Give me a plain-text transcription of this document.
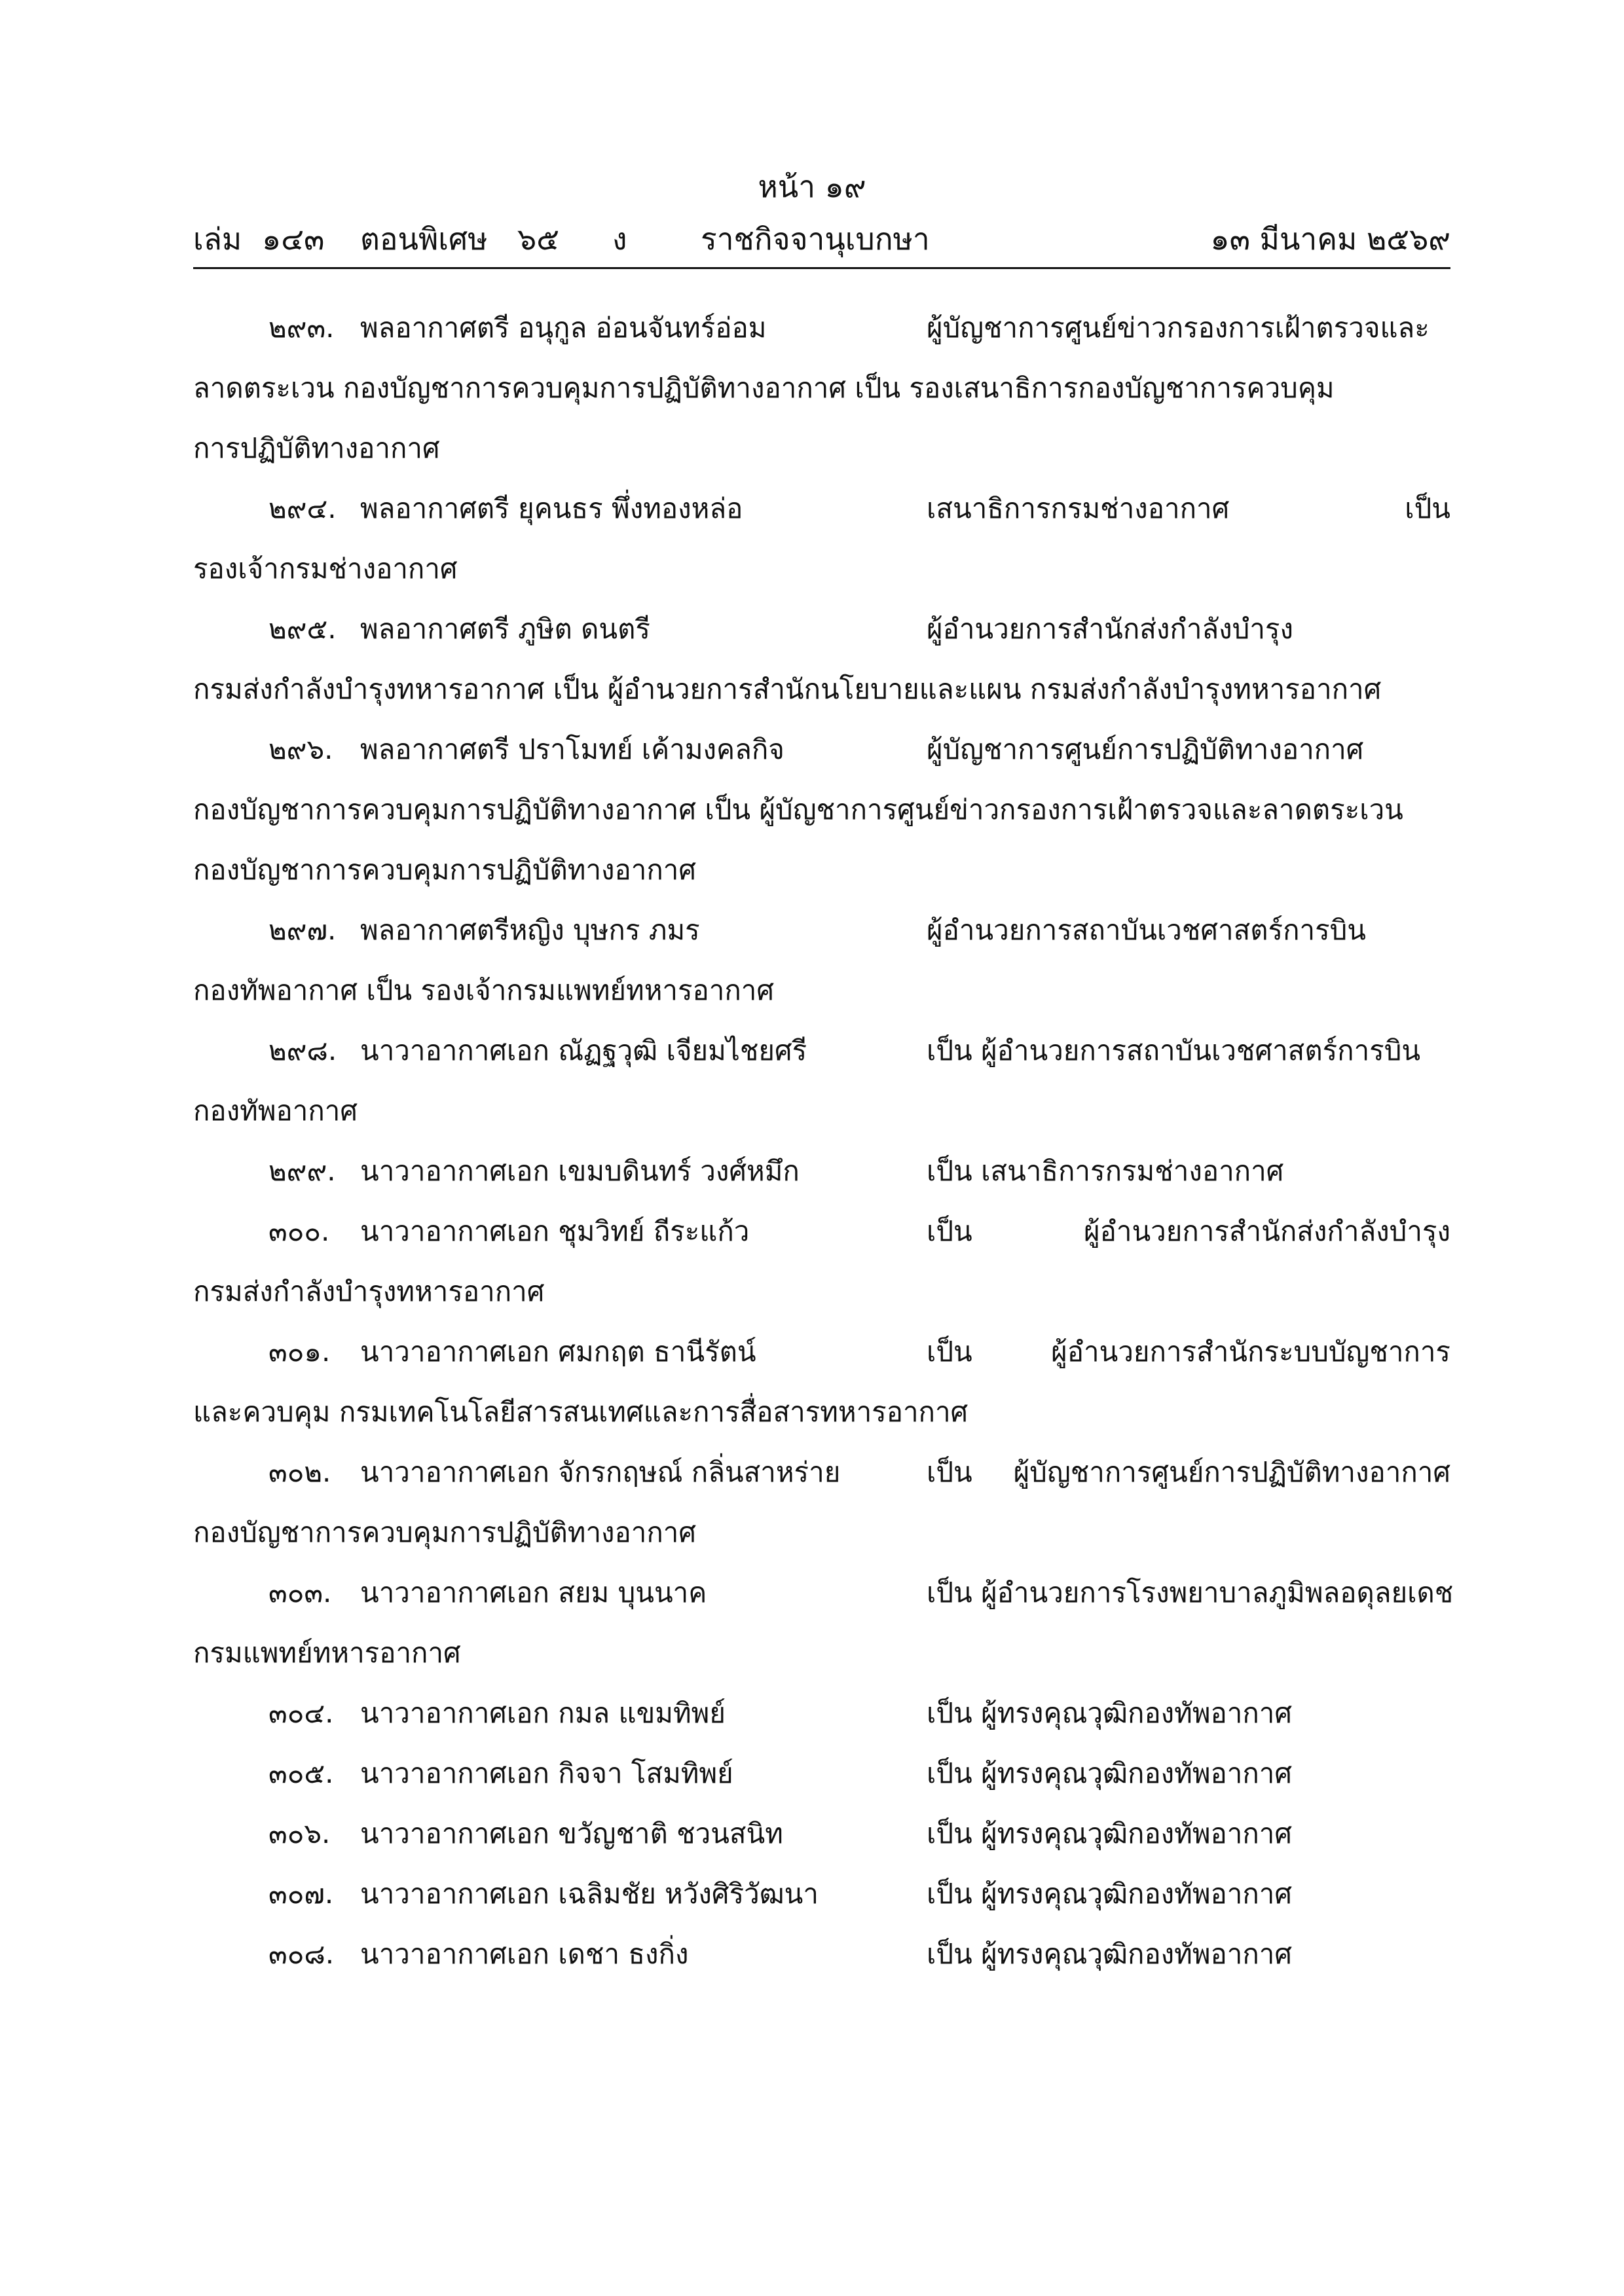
หน้า ๑๙
เล่ม ๑๔๓ ตอนพิเศษ ๖๕ ง ราชกิจจานุเบกษา	๑๓ มีนาคม ๒๕๖๙
๒๙๓. พลอากาศตรี อนุกูล อ่อนจันทร์อ่อม	ผู้บัญชาการศูนย์ข่าวกรองการเฝ้าตรวจและ
ลาดตระเวน กองบัญชาการควบคุมการปฏิบัติทางอากาศ เป็น รองเสนาธิการกองบัญชาการควบคุม
การปฏิบัติทางอากาศ
๒๙๔. พลอากาศตรี ยุคนธร พึ่งทองหล่อ	เสนาธิการกรมช่างอากาศ เป็น
รองเจ้ากรมช่างอากาศ
๒๙๕. พลอากาศตรี ภูษิต ดนตรี	ผู้อำนวยการสำนักส่งกำลังบำรุง
กรมส่งกำลังบำรุงทหารอากาศ เป็น ผู้อำนวยการสำนักนโยบายและแผน กรมส่งกำลังบำรุงทหารอากาศ
๒๙๖. พลอากาศตรี ปราโมทย์ เค้ามงคลกิจ	ผู้บัญชาการศูนย์การปฏิบัติทางอากาศ
กองบัญชาการควบคุมการปฏิบัติทางอากาศ เป็น ผู้บัญชาการศูนย์ข่าวกรองการเฝ้าตรวจและลาดตระเวน
กองบัญชาการควบคุมการปฏิบัติทางอากาศ
๒๙๗. พลอากาศตรีหญิง บุษกร ภมร	ผู้อำนวยการสถาบันเวชศาสตร์การบิน
กองทัพอากาศ เป็น รองเจ้ากรมแพทย์ทหารอากาศ
๒๙๘. นาวาอากาศเอก ณัฏฐวุฒิ เจียมไชยศรี	เป็น ผู้อำนวยการสถาบันเวชศาสตร์การบิน
กองทัพอากาศ
๒๙๙. นาวาอากาศเอก เขมบดินทร์ วงศ์หมึก	เป็น เสนาธิการกรมช่างอากาศ
๓๐๐. นาวาอากาศเอก ชุมวิทย์ ถีระแก้ว	เป็น ผู้อำนวยการสำนักส่งกำลังบำรุง
กรมส่งกำลังบำรุงทหารอากาศ
๓๐๑. นาวาอากาศเอก ศมกฤต ธานีรัตน์	เป็น ผู้อำนวยการสำนักระบบบัญชาการ
และควบคุม กรมเทคโนโลยีสารสนเทศและการสื่อสารทหารอากาศ
๓๐๒. นาวาอากาศเอก จักรกฤษณ์ กลิ่นสาหร่าย	เป็น ผู้บัญชาการศูนย์การปฏิบัติทางอากาศ
กองบัญชาการควบคุมการปฏิบัติทางอากาศ
๓๐๓. นาวาอากาศเอก สยม บุนนาค	เป็น ผู้อำนวยการโรงพยาบาลภูมิพลอดุลยเดช
กรมแพทย์ทหารอากาศ
๓๐๔. นาวาอากาศเอก กมล แขมทิพย์	เป็น ผู้ทรงคุณวุฒิกองทัพอากาศ
๓๐๕. นาวาอากาศเอก กิจจา โสมทิพย์	เป็น ผู้ทรงคุณวุฒิกองทัพอากาศ
๓๐๖. นาวาอากาศเอก ขวัญชาติ ชวนสนิท	เป็น ผู้ทรงคุณวุฒิกองทัพอากาศ
๓๐๗. นาวาอากาศเอก เฉลิมชัย หวังศิริวัฒนา	เป็น ผู้ทรงคุณวุฒิกองทัพอากาศ
๓๐๘. นาวาอากาศเอก เดชา ธงกิ่ง	เป็น ผู้ทรงคุณวุฒิกองทัพอากาศ
